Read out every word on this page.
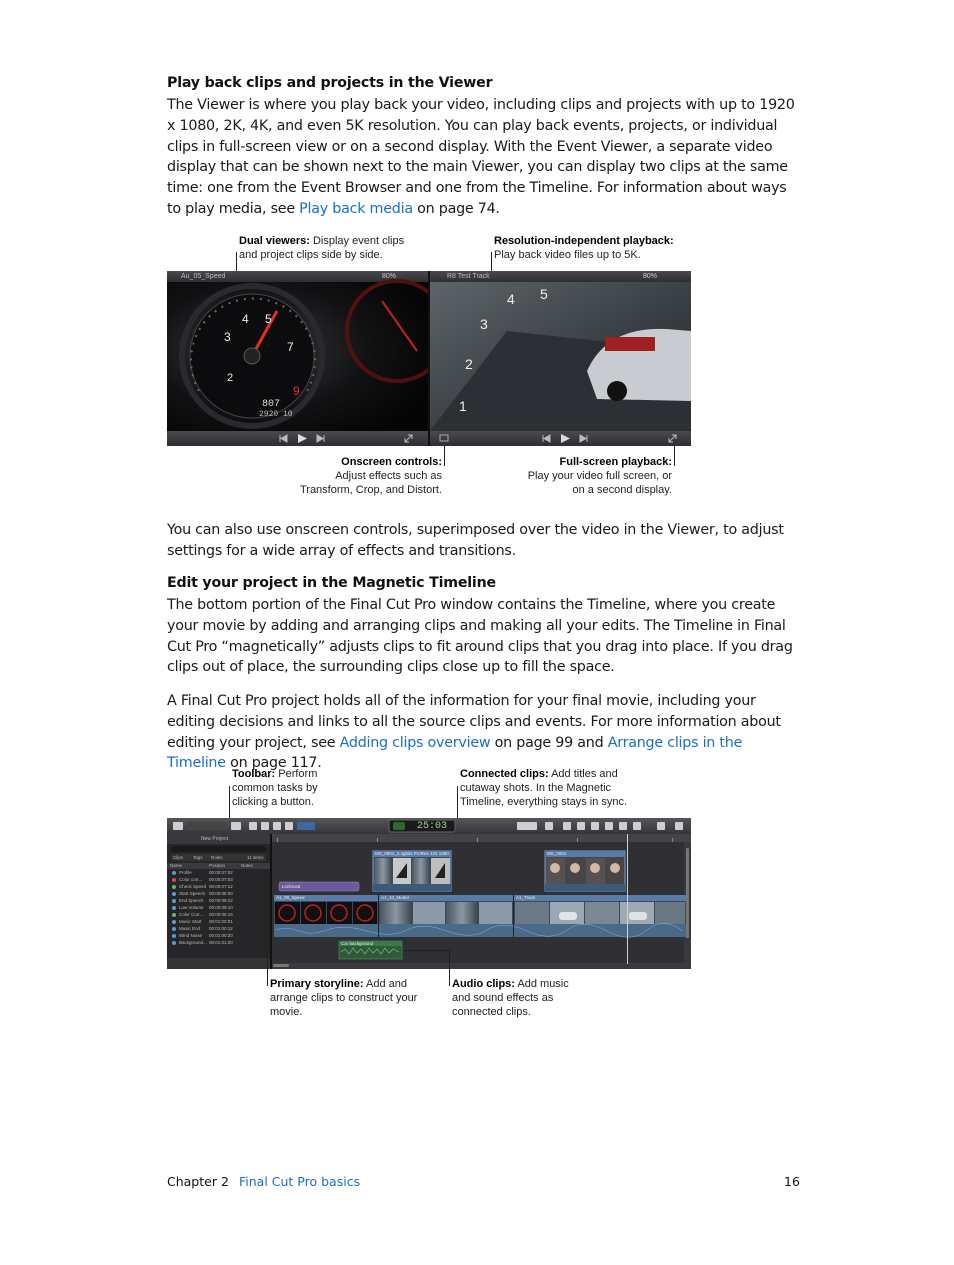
Play back clips and projects in the Viewer
The Viewer is where you play back your video, including clips and projects with up to 1920 x 1080, 2K, 4K, and even 5K resolution. You can play back events, projects, or individual clips in full-screen view or on a second display. With the Event Viewer, a separate video display that can be shown next to the main Viewer, you can display two clips at the same time: one from the Event Browser and one from the Timeline. For information about ways to play media, see Play back media on page 74.
Dual viewers: Display event clips and project clips side by side.
Resolution-independent playback:
Play back video files up to 5K.
3
4 5
7
9
2
807
2920 10
4 5
3
2
1
Au_05_Speed	80%	R8 Test Track	80%
Onscreen controls:
Adjust effects such as Transform, Crop, and Distort.
Full-screen playback:
Play your video full screen, or on a second display.
You can also use onscreen controls, superimposed over the video in the Viewer, to adjust settings for a wide array of effects and transitions.
Edit your project in the Magnetic Timeline
The bottom portion of the Final Cut Pro window contains the Timeline, where you create your movie by adding and arranging clips and making all your edits. The Timeline in Final Cut Pro “magnetically” adjusts clips to fit around clips that you drag into place. If you drag clips out of place, the surrounding clips close up to fill the space.
A Final Cut Pro project holds all of the information for your final movie, including your editing decisions and links to all the source clips and events. For more information about editing your project, see Adding clips overview on page 99 and Arrange clips in the Timeline on page 117.
Toolbar: Perform common tasks by clicking a button.
Connected clips: Add titles and cutaway shots. In the Magnetic Timeline, everything stays in sync.
25:03
New Project
Clips Tags Roles	11 items
Name	Position	Notes
Profile	00:00:07:02
Color corr... 00:00:07:03
Check Speed 00:00:07:12
Start Speech 00:00:08:00
End Speech 00:00:08:22
Low Volume 00:00:09:10
Color Corr... 00:00:09:15
Music Start 00:01:00:01
Music End 00:01:00:12
Wind Noise 00:01:00:20
Background... 00:01:01:00
MS_0001_2.4gbits ProRes 422 1080	MS_0001
Lockeout
A1_08_Speed	A1_10_Model	A1_Track
Car background
Primary storyline: Add and arrange clips to construct your movie.
Audio clips: Add music and sound effects as connected clips.
Chapter 2 Final Cut Pro basics	16
